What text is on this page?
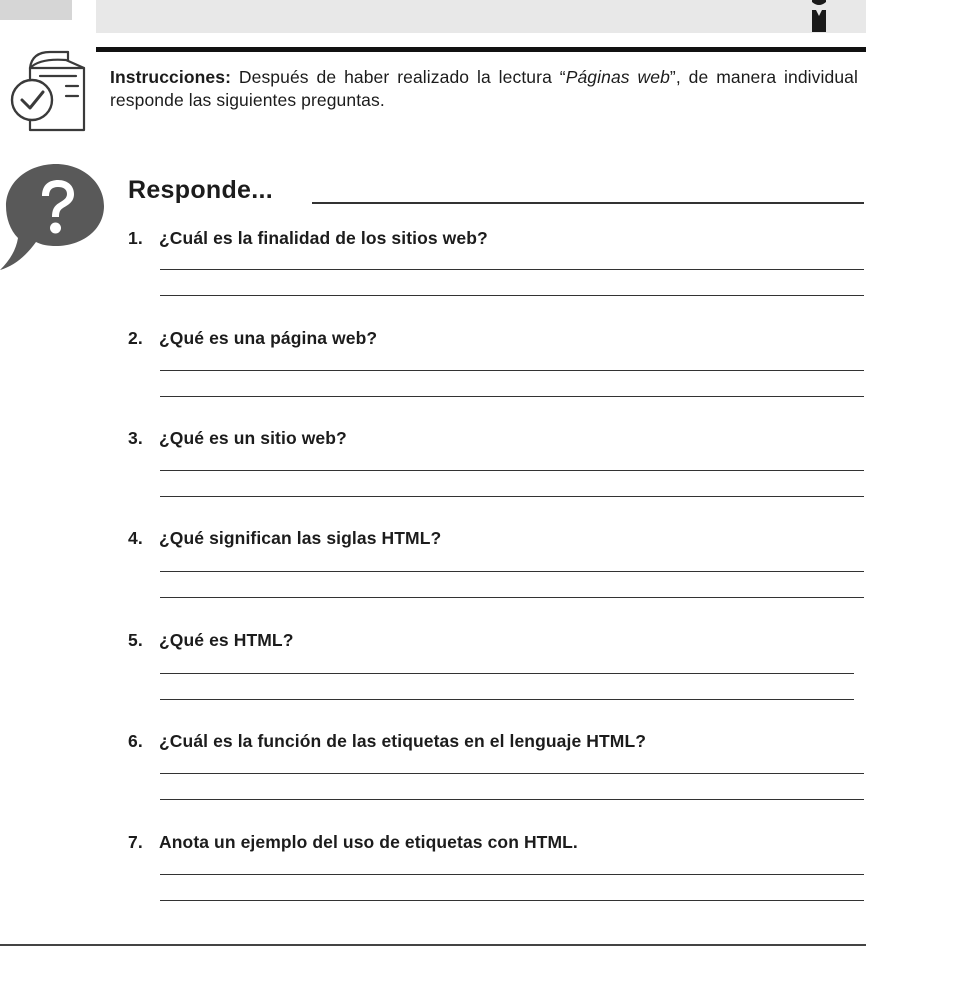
Instrucciones: Después de haber realizado la lectura “Páginas web”, de manera individual responde las siguientes preguntas.
Responde...
1. ¿Cuál es la finalidad de los sitios web?
2. ¿Qué es una página web?
3. ¿Qué es un sitio web?
4. ¿Qué significan las siglas HTML?
5. ¿Qué es HTML?
6. ¿Cuál es la función de las etiquetas en el lenguaje HTML?
7. Anota un ejemplo del uso de etiquetas con HTML.
